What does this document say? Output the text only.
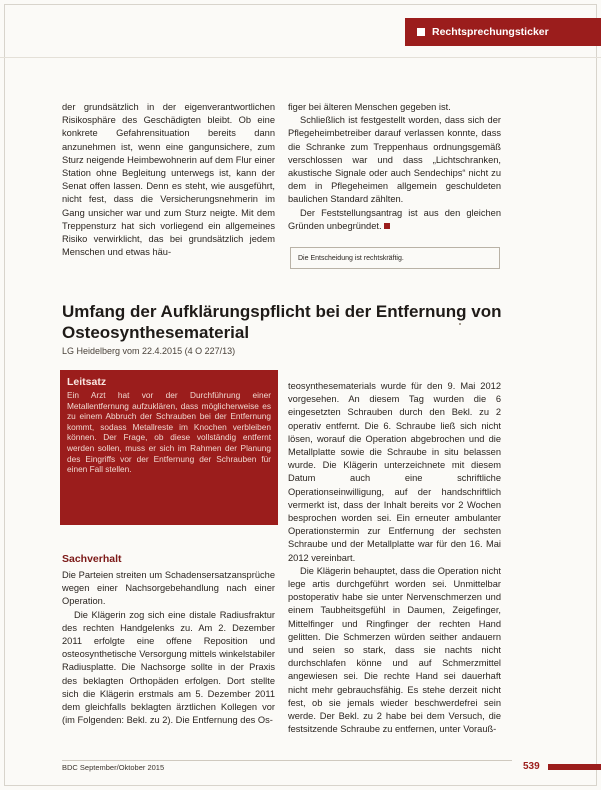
Rechtsprechungsticker

der grundsätzlich in der eigenverantwortlichen Risikosphäre des Geschädigten bleibt. Ob eine konkrete Gefahrensituation bereits dann anzunehmen ist, wenn eine gangunsichere, zum Sturz neigende Heimbewohnerin auf dem Flur einer Station ohne Begleitung unterwegs ist, kann der Senat offen lassen. Denn es steht, wie ausgeführt, nicht fest, dass die Versicherungsnehmerin im Gang unsicher war und zum Sturz neigte. Mit dem Treppensturz hat sich vorliegend ein allgemeines Risiko verwirklicht, das bei grundsätzlich jedem Menschen und etwas häu-

figer bei älteren Menschen gegeben ist.

Schließlich ist festgestellt worden, dass sich der Pflegeheimbetreiber darauf verlassen konnte, dass die Schranke zum Treppenhaus ordnungsgemäß verschlossen war und dass „Lichtschranken, akustische Signale oder auch Sendechips“ nicht zu dem in Pflegeheimen allgemein geschuldeten baulichen Standard zählten.

Der Feststellungsantrag ist aus den gleichen Gründen unbegründet.

Die Entscheidung ist rechtskräftig.
Umfang der Aufklärungspflicht bei der Entfernung von Osteosynthesematerial
LG Heidelberg vom 22.4.2015 (4 O 227/13)
Leitsatz
Ein Arzt hat vor der Durchführung einer Metallentfernung aufzuklären, dass möglicherweise es zu einem Abbruch der Schrauben bei der Entfernung kommt, sodass Metallreste im Knochen verbleiben können. Der Frage, ob diese vollständig entfernt werden sollen, muss er sich im Rahmen der Planung des Eingriffs vor der Entfernung der Schrauben für einen Fall stellen.
Sachverhalt

Die Parteien streiten um Schadensersatzansprüche wegen einer Nachsorgebehandlung nach einer Operation.

Die Klägerin zog sich eine distale Radiusfraktur des rechten Handgelenks zu. Am 2. Dezember 2011 erfolgte eine offene Reposition und osteosynthetische Versorgung mittels winkelstabiler Radiusplatte. Die Nachsorge sollte in der Praxis des beklagten Orthopäden erfolgen. Dort stellte sich die Klägerin erstmals am 5. Dezember 2011 dem gleichfalls beklagten ärztlichen Kollegen vor (im Folgenden: Bekl. zu 2). Die Entfernung des Os-

teosynthesematerials wurde für den 9. Mai 2012 vorgesehen. An diesem Tag wurden die 6 eingesetzten Schrauben durch den Bekl. zu 2 operativ entfernt. Die 6. Schraube ließ sich nicht lösen, worauf die Operation abgebrochen und die Metallplatte sowie die Schraube in situ belassen wurde. Die Klägerin unterzeichnete mit diesem Datum auch eine schriftliche Operationseinwilligung, auf der handschriftlich vermerkt ist, dass der Inhalt bereits vor 2 Wochen besprochen worden sei. Ein erneuter ambulanter Operationstermin zur Entfernung der sechsten Schraube und der Metallplatte war für den 16. Mai 2012 vereinbart.

Die Klägerin behauptet, dass die Operation nicht lege artis durchgeführt worden sei. Unmittelbar postoperativ habe sie unter Nervenschmerzen und einem Taubheitsgefühl in Daumen, Zeigefinger, Mittelfinger und Ringfinger der rechten Hand gelitten. Die Schmerzen würden seither andauern und seien so stark, dass sie nachts nicht durchschlafen könne und auf Schmerzmittel angewiesen sei. Die rechte Hand sei dauerhaft nicht mehr gebrauchsfähig. Es stehe derzeit nicht fest, ob sie jemals wieder beschwerdefrei sein werde. Der Bekl. zu 2 habe bei dem Versuch, die festsitzende Schraube zu entfernen, unter Vorauß-

BDC September/Oktober 2015	539
